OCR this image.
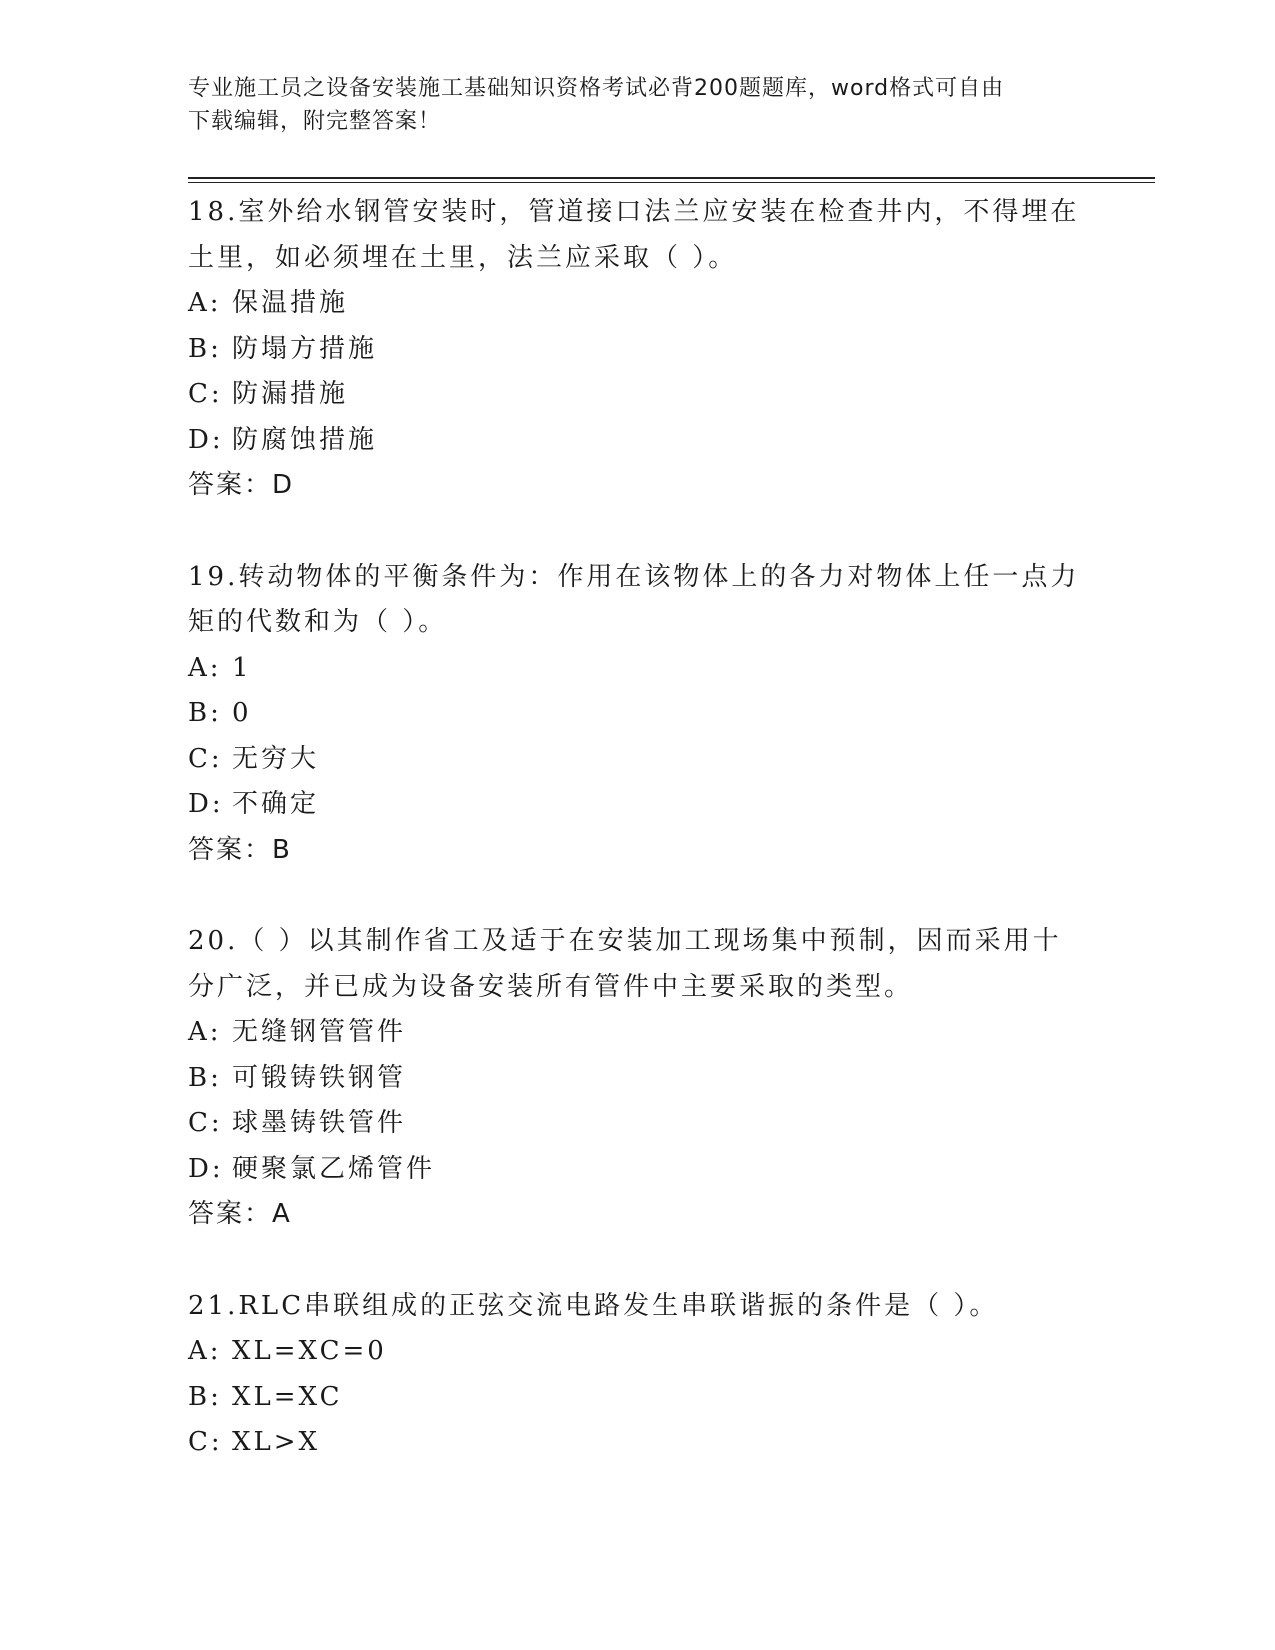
专业施工员之设备安装施工基础知识资格考试必背200题题库，word格式可自由
下载编辑，附完整答案！
18.室外给水钢管安装时，管道接口法兰应安装在检查井内，不得埋在
土里，如必须埋在土里，法兰应采取（ ）。
A: 保温措施
B: 防塌方措施
C: 防漏措施
D: 防腐蚀措施
答案：D
19.转动物体的平衡条件为：作用在该物体上的各力对物体上任一点力
矩的代数和为（ ）。
A: 1
B: 0
C: 无穷大
D: 不确定
答案：B
20.（ ）以其制作省工及适于在安装加工现场集中预制，因而采用十
分广泛，并已成为设备安装所有管件中主要采取的类型。
A: 无缝钢管管件
B: 可锻铸铁钢管
C: 球墨铸铁管件
D: 硬聚氯乙烯管件
答案：A
21.RLC串联组成的正弦交流电路发生串联谐振的条件是（ ）。
A: XL=XC=0
B: XL=XC
C: XL>X
